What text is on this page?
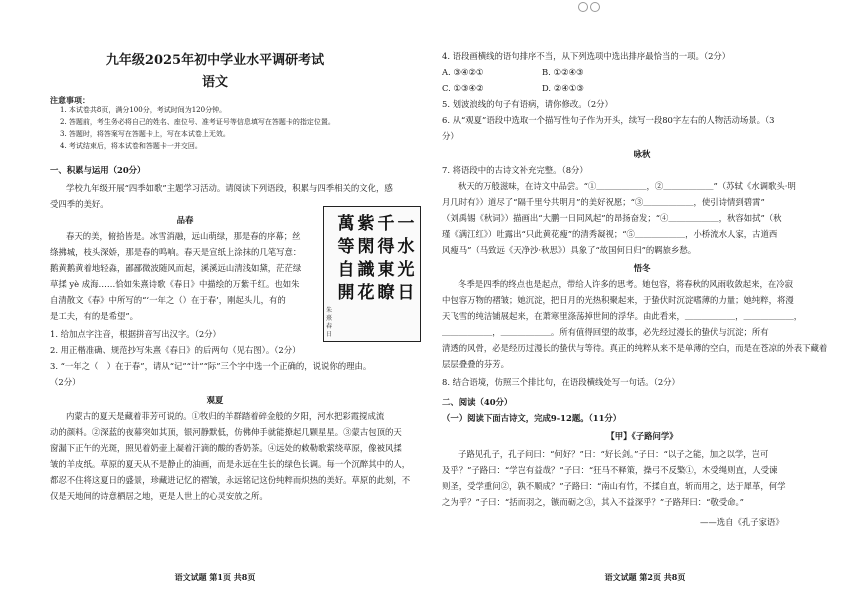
九年级2025年初中学业水平调研考试
语文
注意事项：
1. 本试卷共8页，满分100分，考试时间为120分钟。
2. 答题前，考生务必将自己的姓名、座位号、准考证号等信息填写在答题卡的指定位置。
3. 答题时，将答案写在答题卡上，写在本试卷上无效。
4. 考试结束后，将本试卷和答题卡一并交回。
一、积累与运用（20分）
学校九年级开展“四季如歌”主题学习活动。请阅读下列语段，积累与四季相关的文化，感
受四季的美好。
品春
春天的美，俯拾皆是。冰雪消融，远山萌绿，那是春的序幕；丝
绦拂城，枝头深娇，那是春的鸣响。春天是宣纸上涂抹的几笔写意：
鹅黄鹅黄着地轻淼，鄙鄙微波随风而起，溪溪远山清浅如黛，茫茫绿
草揉 yè 成海……恰如朱熹诗歌《春日》中描绘的万紫千红。也如朱
自清散文《春》中所写的“‘一年之（）在于春’，刚起头儿，有的
是工夫，有的是希望”。
一水光日
千得東瞭
紫閑識花
萬等自開
朱熹 春日
1. 给加点字注音，根据拼音写出汉字。（2分）
2. 用正楷准确、规范抄写朱熹《春日》的后两句（见右图）。（2分）
3. “一年之（　）在于春”，请从“记”“计”“际”三个字中选一个正确的，说说你的理由。
（2分）
观夏
内蒙古的夏天是藏着菲芳可说的。①牧归的羊群踏着碎金般的夕阳，河水把彩霞搅成流
动的颜料。②深蓝的夜幕突如其顶，银河静默低，仿佛伸手就能撩起几颗星星。③蒙古包顶的天
窗漏下正午的光斑，照见着奶壶上凝着汗滴的酸的香奶茶。④远处的敕勒歌萦绕草原，像被风揉
皱的羊皮纸。草原的夏天从不是静止的油画，而是永远在生长的绿色长调。每一个沉醉其中的人，
都忍不住将这夏日的盛景，珍藏进记忆的褶皱，永远铭记这份纯粹而炽热的美好。草原的此刻，不
仅是天地间的诗意栖居之地，更是人世上的心灵安放之所。
语文试题 第1页 共8页
4. 语段画横线的语句排序不当，从下列选项中选出排序最恰当的一项。（2分）
A. ③④②①	B. ①②④③
C. ①③④②	D. ②④①③
5. 划波浪线的句子有语病，请你修改。（2分）
6. 从“观夏”语段中选取一个描写性句子作为开头，续写一段80字左右的人物活动场景。（3
分）
咏秋
7. 将语段中的古诗文补充完整。（8分）
秋天的万般滋味，在诗文中品尝。“①＿＿＿＿＿＿，②＿＿＿＿＿＿”（苏轼《水调歌头·明
月几时有》）道尽了“隔千里兮共明月”的美好祝愿；“③＿＿＿＿＿＿，使引诗情到碧霄”
（刘禹锡《秋词》）描画出“大鹏一日同风起”的昂扬奋发；“④＿＿＿＿＿＿，秋容如拭”（秋
瑾《满江红》）吐露出“只此黄花瘦”的清秀凝视；“⑤＿＿＿＿＿＿，小桥流水人家，古道西
风瘦马”（马致远《天净沙·秋思》）具象了“故国何日归”的羁旅乡愁。
悟冬
冬季是四季的终点也是起点，带给人许多的思考。她包容，将春秋的风雨收敛起来，在冷寂
中包容万物的褶皱；她沉淀，把日月的光热积聚起来，于蛰伏时沉淀嗜薄的力量；她纯粹，将漫
天飞雪的纯洁铺展起来，在萧寒里涤荡掉世间的浮华。由此看来，＿＿＿＿＿＿，＿＿＿＿＿＿，
＿＿＿＿＿＿，＿＿＿＿＿＿。所有值得回望的故事，必先经过漫长的蛰伏与沉淀；所有
清透的风骨，必是经历过漫长的蛰伏与等待。真正的纯粹从来不是单薄的空白，而是在苍凉的外表下藏着
层层叠叠的芬芳。
8. 结合语境，仿照三个排比句，在语段横线处写一句话。（2分）
二、阅读（40分）
（一）阅读下面古诗文，完成9-12题。（11分）
【甲】《子路问学》
子路见孔子，孔子问曰：“何好？”曰：“好长剑。”子曰：“以子之能，加之以学，岂可
及乎？”子路曰：“学岂有益哉？”子曰：“狂马不释策，操弓不反檠①，木受绳则直，人受谏
则圣，受学重问②，孰不顺成？”子路曰：“南山有竹，不揉自直，斩而用之，达于犀革，何学
之为乎？”子曰：“括而羽之，镞而砺之③，其入不益深乎？”子路拜曰：“敬受命。”
——选自《孔子家语》
语文试题 第2页 共8页
